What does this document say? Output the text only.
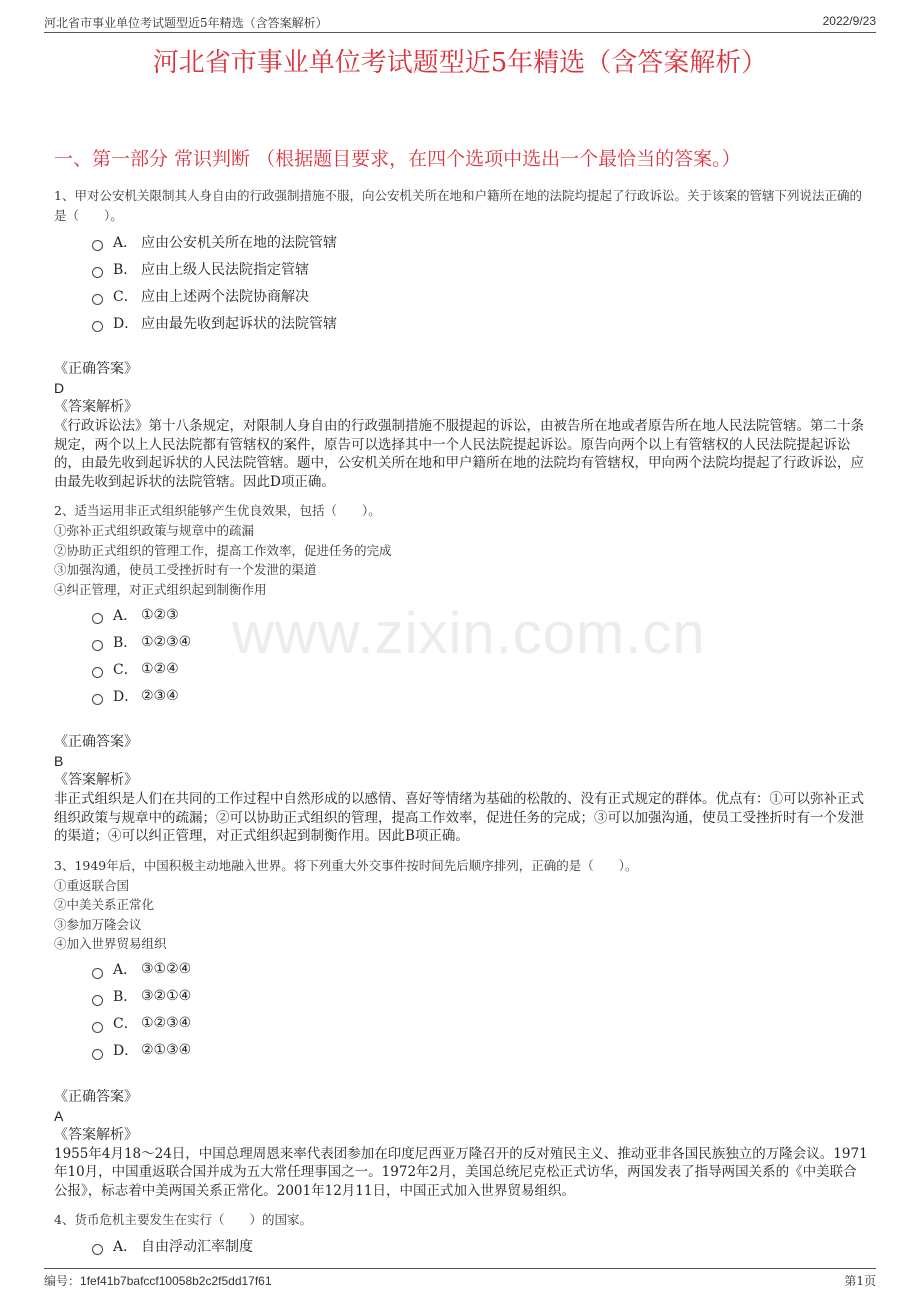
河北省市事业单位考试题型近5年精选（含答案解析）	2022/9/23
www.zixin.com.cn
河北省市事业单位考试题型近5年精选（含答案解析）
一、第一部分 常识判断 （根据题目要求，在四个选项中选出一个最恰当的答案。）

1、甲对公安机关限制其人身自由的行政强制措施不服，向公安机关所在地和户籍所在地的法院均提起了行政诉讼。关于该案的管辖下列说法正确的是（　　）。

A． 应由公安机关所在地的法院管辖
B． 应由上级人民法院指定管辖
C． 应由上述两个法院协商解决
D． 应由最先收到起诉状的法院管辖
《正确答案》
D
《答案解析》
《行政诉讼法》第十八条规定，对限制人身自由的行政强制措施不服提起的诉讼，由被告所在地或者原告所在地人民法院管辖。第二十条规定，两个以上人民法院都有管辖权的案件，原告可以选择其中一个人民法院提起诉讼。原告向两个以上有管辖权的人民法院提起诉讼的，由最先收到起诉状的人民法院管辖。题中，公安机关所在地和甲户籍所在地的法院均有管辖权，甲向两个法院均提起了行政诉讼，应由最先收到起诉状的法院管辖。因此D项正确。

2、适当运用非正式组织能够产生优良效果，包括（　　）。

①弥补正式组织政策与规章中的疏漏
②协助正式组织的管理工作，提高工作效率，促进任务的完成
③加强沟通，使员工受挫折时有一个发泄的渠道
④纠正管理，对正式组织起到制衡作用
A． ①②③
B． ①②③④
C． ①②④
D． ②③④
《正确答案》
B
《答案解析》
非正式组织是人们在共同的工作过程中自然形成的以感情、喜好等情绪为基础的松散的、没有正式规定的群体。优点有：①可以弥补正式组织政策与规章中的疏漏；②可以协助正式组织的管理，提高工作效率，促进任务的完成；③可以加强沟通，使员工受挫折时有一个发泄的渠道；④可以纠正管理，对正式组织起到制衡作用。因此B项正确。

3、1949年后，中国积极主动地融入世界。将下列重大外交事件按时间先后顺序排列，正确的是（　　）。

①重返联合国
②中美关系正常化
③参加万隆会议
④加入世界贸易组织
A． ③①②④
B． ③②①④
C． ①②③④
D． ②①③④
《正确答案》
A
《答案解析》
1955年4月18～24日，中国总理周恩来率代表团参加在印度尼西亚万隆召开的反对殖民主义、推动亚非各国民族独立的万隆会议。1971年10月，中国重返联合国并成为五大常任理事国之一。1972年2月，美国总统尼克松正式访华，两国发表了指导两国关系的《中美联合公报》，标志着中美两国关系正常化。2001年12月11日，中国正式加入世界贸易组织。

4、货币危机主要发生在实行（　　）的国家。

A． 自由浮动汇率制度
编号：1fef41b7bafccf10058b2c2f5dd17f61	第1页
